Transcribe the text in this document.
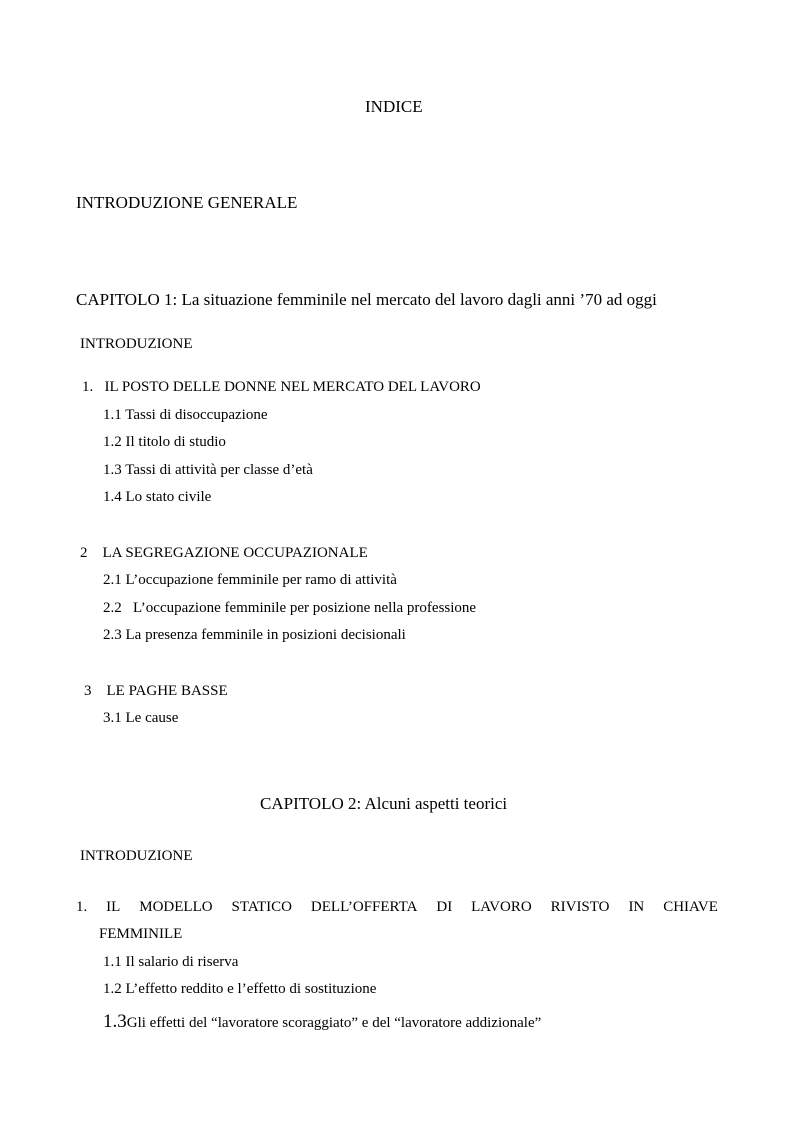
INDICE
INTRODUZIONE GENERALE
CAPITOLO 1: La situazione femminile nel mercato del lavoro dagli anni ’70 ad oggi
INTRODUZIONE
1.   IL POSTO DELLE DONNE NEL MERCATO DEL LAVORO
1.1 Tassi di disoccupazione
1.2 Il titolo di studio
1.3 Tassi di attività per classe d’età
1.4 Lo stato civile
2    LA SEGREGAZIONE OCCUPAZIONALE
2.1 L’occupazione femminile per ramo di attività
2.2   L’occupazione femminile per posizione nella professione
2.3 La presenza femminile in posizioni decisionali
3    LE PAGHE BASSE
3.1 Le cause
CAPITOLO 2: Alcuni aspetti teorici
INTRODUZIONE
1. IL MODELLO STATICO DELL’OFFERTA DI LAVORO RIVISTO IN CHIAVE
FEMMINILE
1.1 Il salario di riserva
1.2 L’effetto reddito e l’effetto di sostituzione
1.3Gli effetti del “lavoratore scoraggiato” e del “lavoratore addizionale”
